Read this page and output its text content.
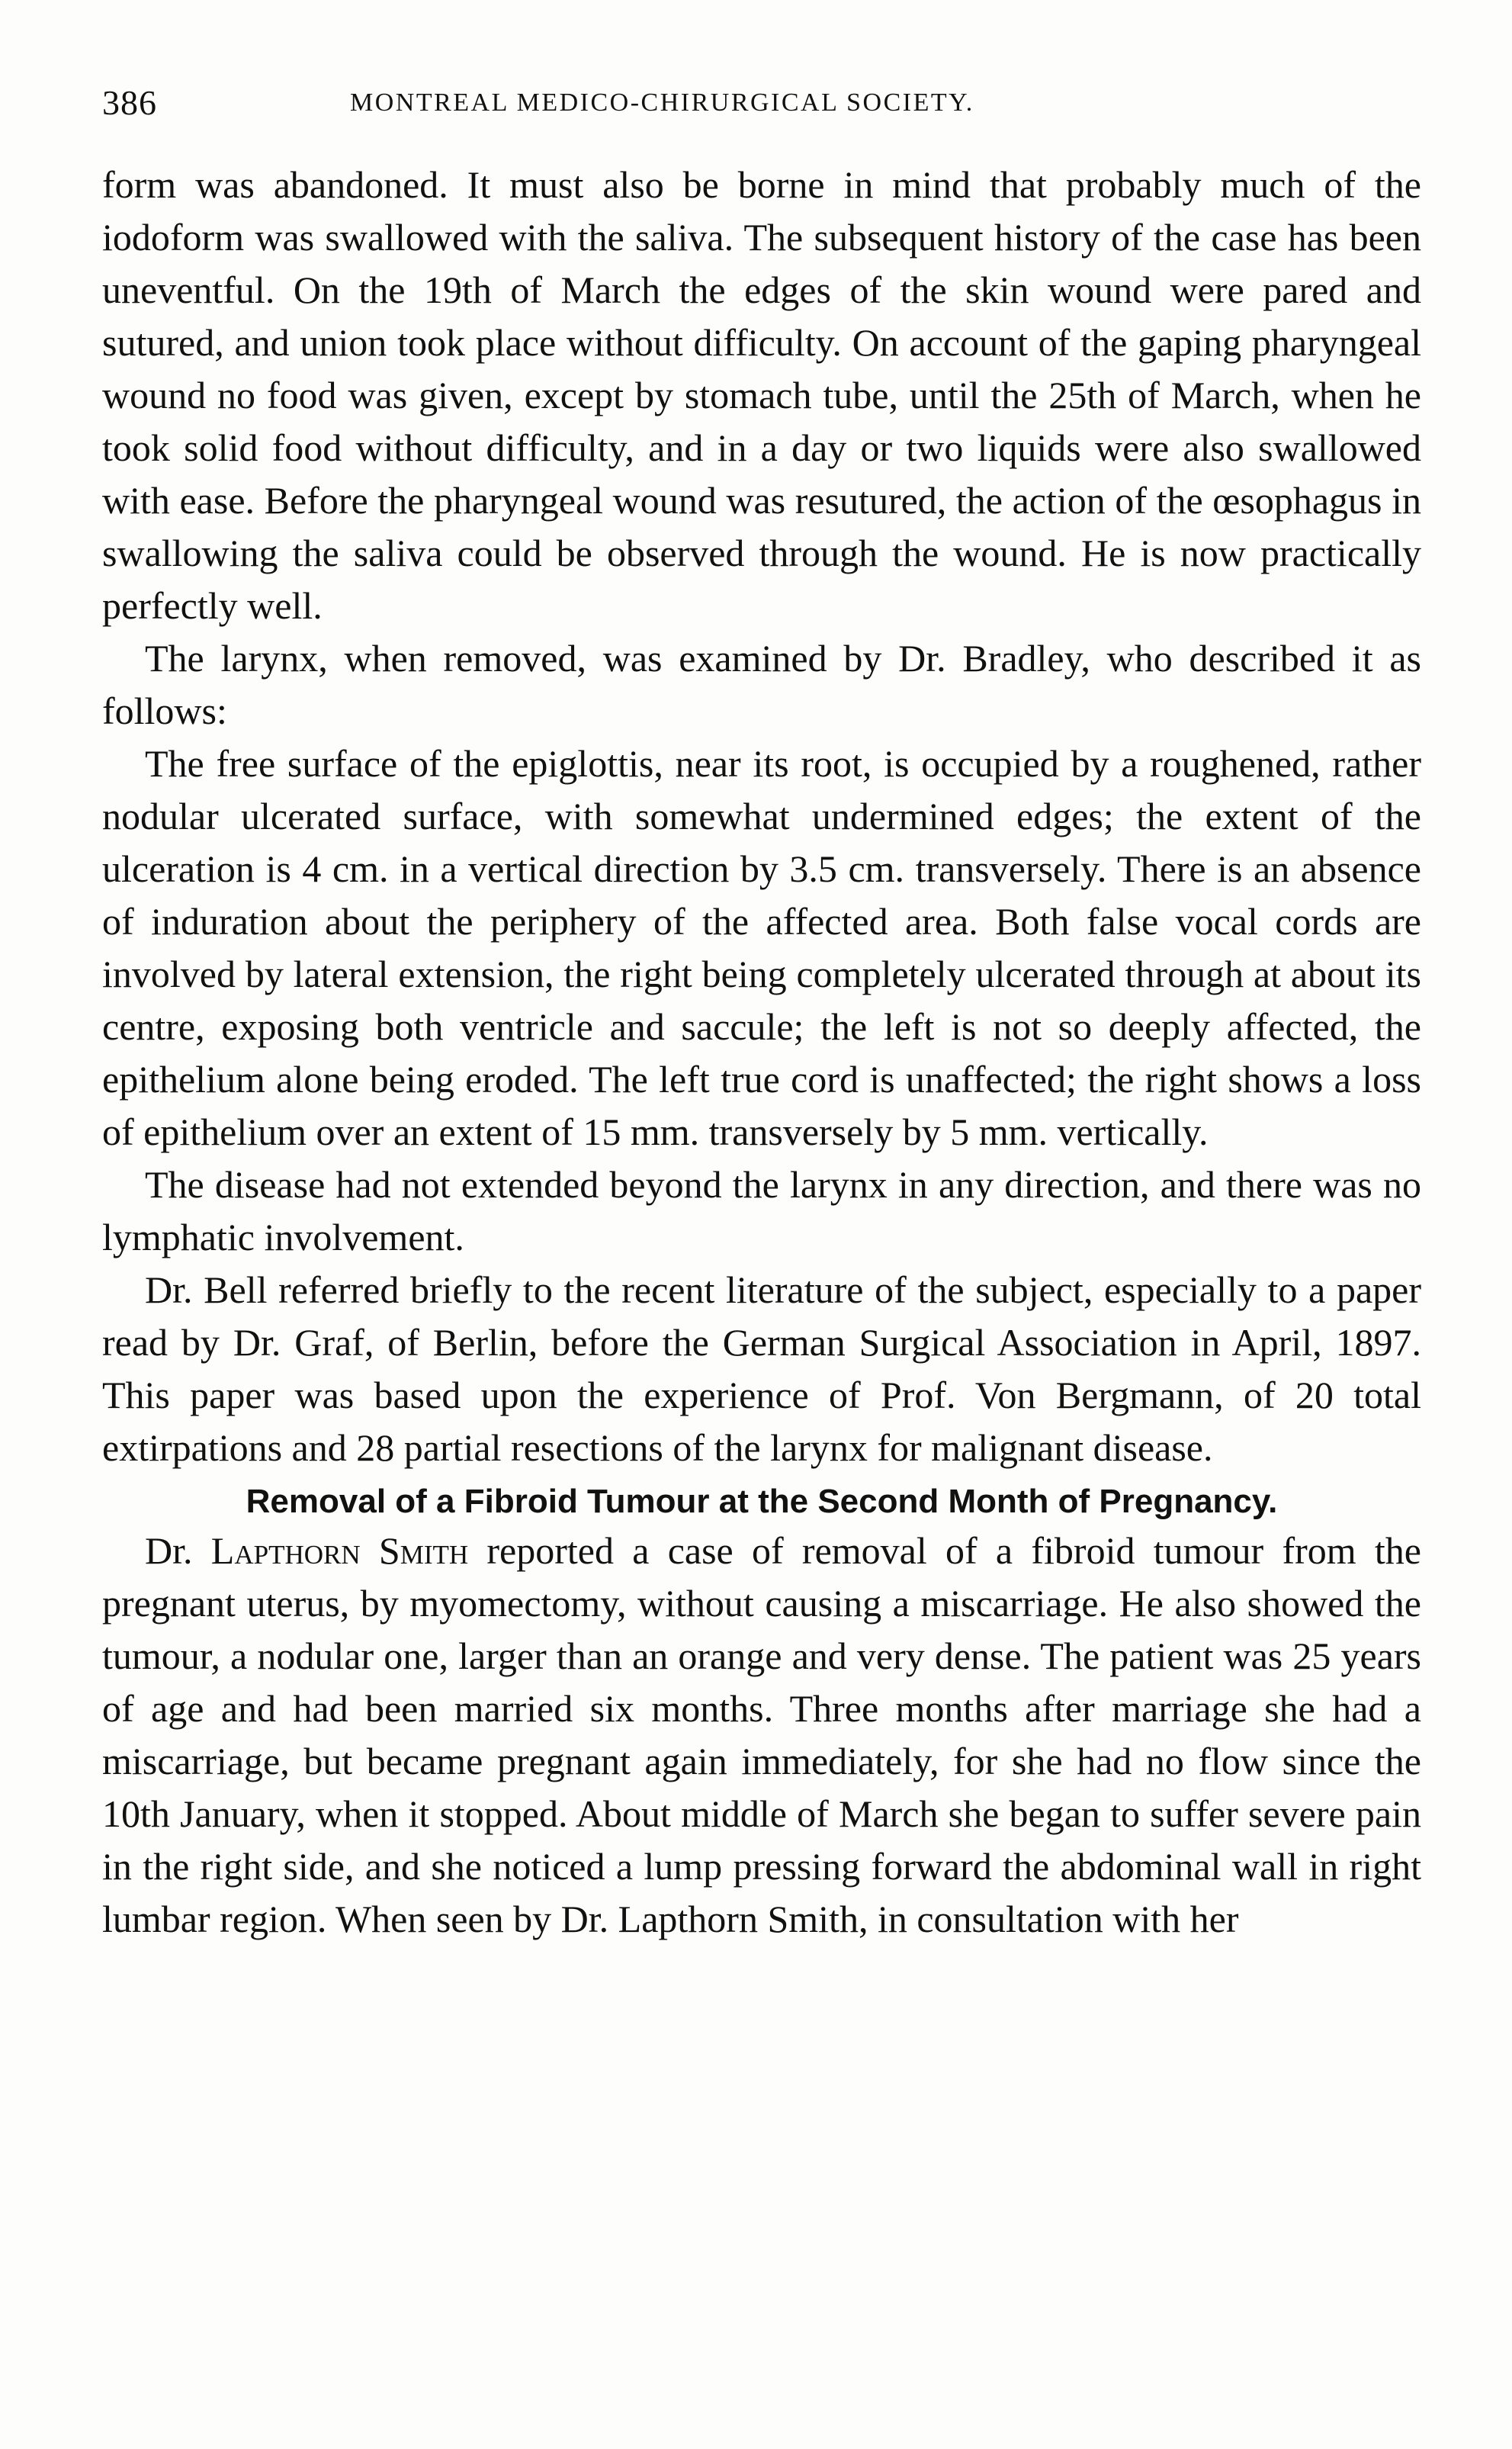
386	MONTREAL MEDICO-CHIRURGICAL SOCIETY.

form was abandoned. It must also be borne in mind that probably much of the iodoform was swallowed with the saliva. The subsequent history of the case has been uneventful. On the 19th of March the edges of the skin wound were pared and sutured, and union took place without difficulty. On account of the gaping pharyngeal wound no food was given, except by stomach tube, until the 25th of March, when he took solid food without difficulty, and in a day or two liquids were also swallowed with ease. Before the pharyngeal wound was resutured, the action of the œsophagus in swallowing the saliva could be observed through the wound. He is now practically perfectly well.

The larynx, when removed, was examined by Dr. Bradley, who described it as follows:

The free surface of the epiglottis, near its root, is occupied by a roughened, rather nodular ulcerated surface, with somewhat undermined edges; the extent of the ulceration is 4 cm. in a vertical direction by 3.5 cm. transversely. There is an absence of induration about the periphery of the affected area. Both false vocal cords are involved by lateral extension, the right being completely ulcerated through at about its centre, exposing both ventricle and saccule; the left is not so deeply affected, the epithelium alone being eroded. The left true cord is unaffected; the right shows a loss of epithelium over an extent of 15 mm. transversely by 5 mm. vertically.

The disease had not extended beyond the larynx in any direction, and there was no lymphatic involvement.

Dr. Bell referred briefly to the recent literature of the subject, especially to a paper read by Dr. Graf, of Berlin, before the German Surgical Association in April, 1897. This paper was based upon the experience of Prof. Von Bergmann, of 20 total extirpations and 28 partial resections of the larynx for malignant disease.

Removal of a Fibroid Tumour at the Second Month of Pregnancy.

Dr. Lapthorn Smith reported a case of removal of a fibroid tumour from the pregnant uterus, by myomectomy, without causing a miscarriage. He also showed the tumour, a nodular one, larger than an orange and very dense. The patient was 25 years of age and had been married six months. Three months after marriage she had a miscarriage, but became pregnant again immediately, for she had no flow since the 10th January, when it stopped. About middle of March she began to suffer severe pain in the right side, and she noticed a lump pressing forward the abdominal wall in right lumbar region. When seen by Dr. Lapthorn Smith, in consultation with her
